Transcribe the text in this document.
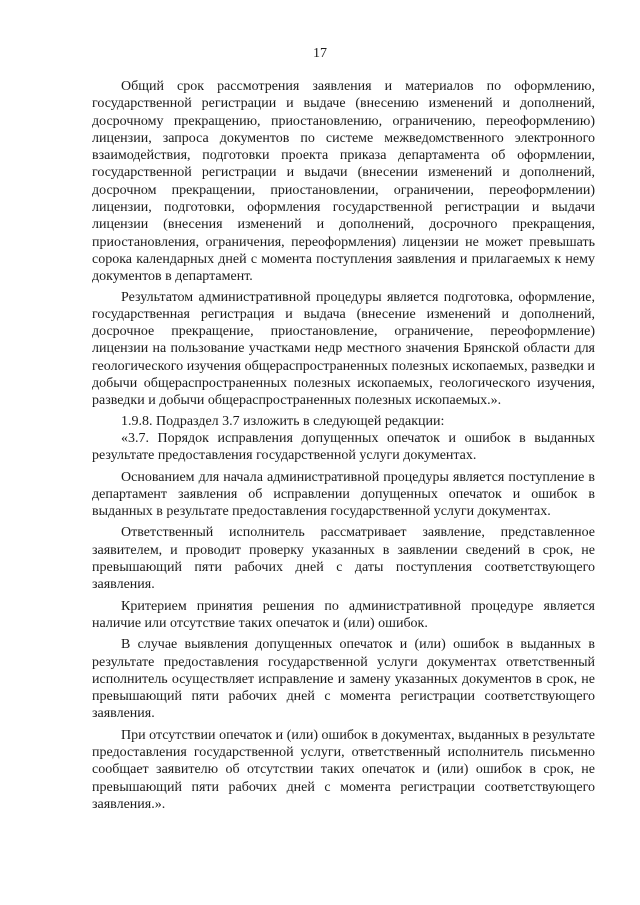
17

Общий срок рассмотрения заявления и материалов по оформлению, государственной регистрации и выдаче (внесению изменений и дополнений, досрочному прекращению, приостановлению, ограничению, переоформлению) лицензии, запроса документов по системе межведомственного электронного взаимодействия, подготовки проекта приказа департамента об оформлении, государственной регистрации и выдачи (внесении изменений и дополнений, досрочном прекращении, приостановлении, ограничении, переоформлении) лицензии, подготовки, оформления государственной регистрации и выдачи лицензии (внесения изменений и дополнений, досрочного прекращения, приостановления, ограничения, переоформления) лицензии не может превышать сорока календарных дней с момента поступления заявления и прилагаемых к нему документов в департамент.

Результатом административной процедуры является подготовка, оформление, государственная регистрация и выдача (внесение изменений и дополнений, досрочное прекращение, приостановление, ограничение, переоформление) лицензии на пользование участками недр местного значения Брянской области для геологического изучения общераспространенных полезных ископаемых, разведки и добычи общераспространенных полезных ископаемых, геологического изучения, разведки и добычи общераспространенных полезных ископаемых.».

1.9.8. Подраздел 3.7 изложить в следующей редакции:

«3.7. Порядок исправления допущенных опечаток и ошибок в выданных результате предоставления государственной услуги документах.

Основанием для начала административной процедуры является поступление в департамент заявления об исправлении допущенных опечаток и ошибок в выданных в результате предоставления государственной услуги документах.

Ответственный исполнитель рассматривает заявление, представленное заявителем, и проводит проверку указанных в заявлении сведений в срок, не превышающий пяти рабочих дней с даты поступления соответствующего заявления.

Критерием принятия решения по административной процедуре является наличие или отсутствие таких опечаток и (или) ошибок.

В случае выявления допущенных опечаток и (или) ошибок в выданных в результате предоставления государственной услуги документах ответственный исполнитель осуществляет исправление и замену указанных документов в срок, не превышающий пяти рабочих дней с момента регистрации соответствующего заявления.

При отсутствии опечаток и (или) ошибок в документах, выданных в результате предоставления государственной услуги, ответственный исполнитель письменно сообщает заявителю об отсутствии таких опечаток и (или) ошибок в срок, не превышающий пяти рабочих дней с момента регистрации соответствующего заявления.».
